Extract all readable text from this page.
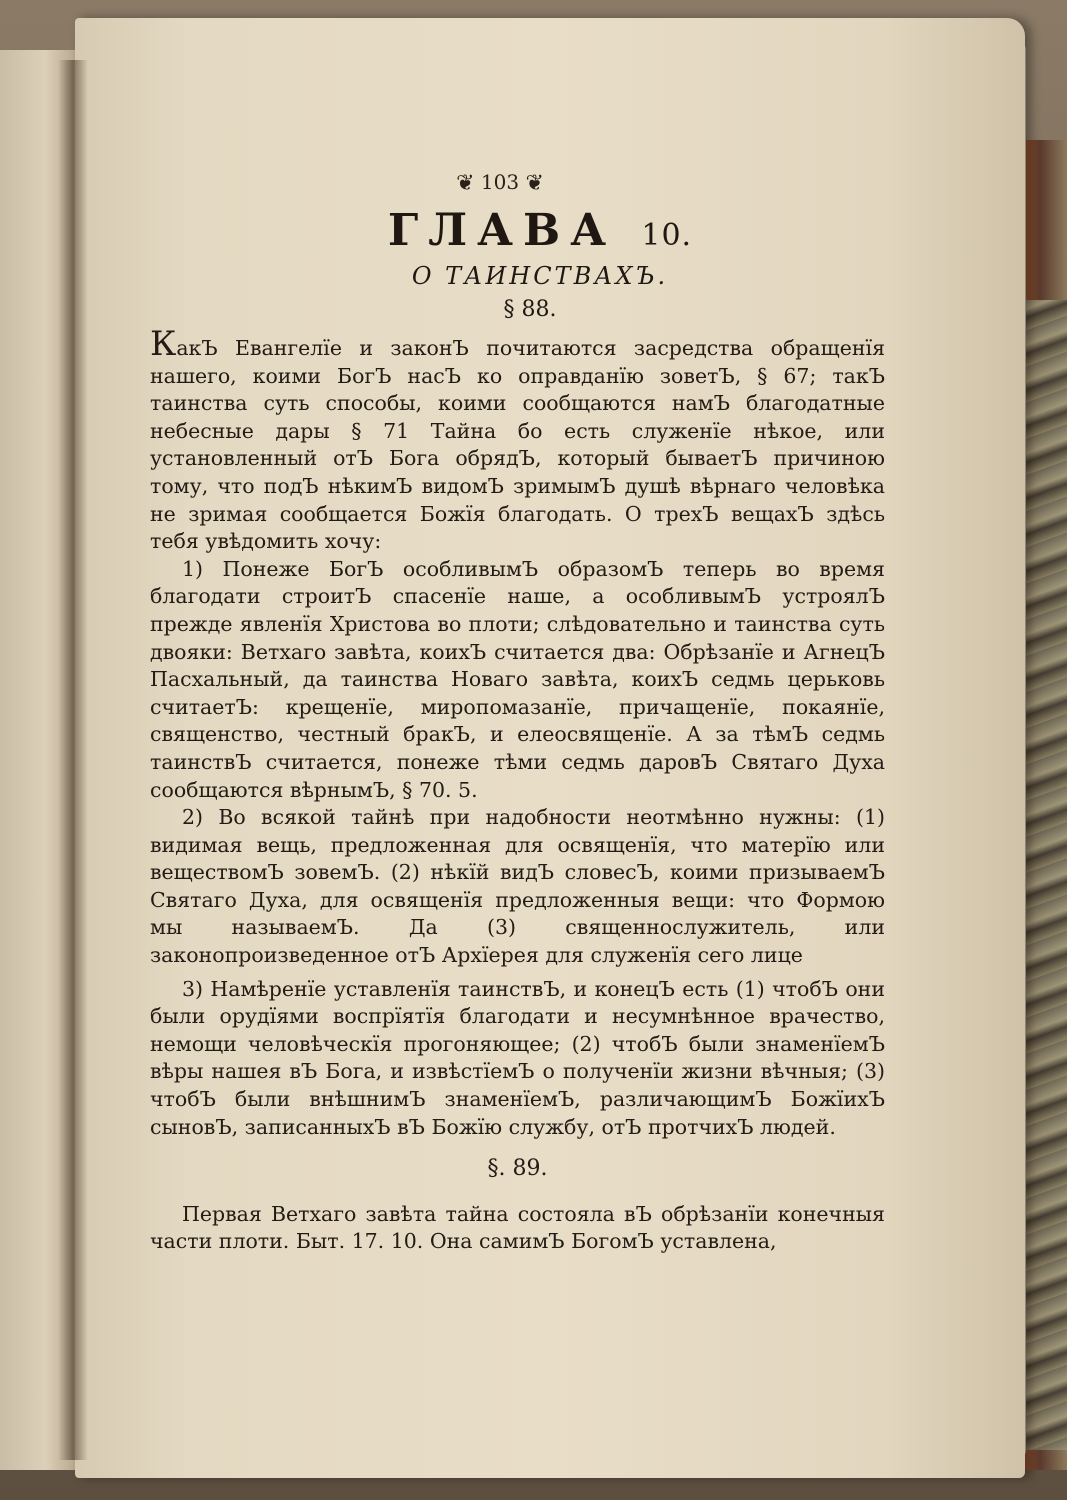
❦ 103 ❦
ГЛАВА 10.
О ТАИНСТВАХЪ.
§ 88.

КакЪ Евангелїе и законЪ почитаются засредства обращенїя нашего, коими БогЪ насЪ ко оправданїю зоветЪ, § 67; такЪ таинства суть способы, коими сообщаются намЪ благодатные небесные дары § 71 Тайна бо есть служенїе нѣкое, или установленный отЪ Бога обрядЪ, который бываетЪ причиною тому, что подЪ нѣкимЪ видомЪ зримымЪ душѣ вѣрнаго человѣка не зримая сообщается Божїя благодать. О трехЪ вещахЪ здѣсь тебя увѣдомить хочу:

1) Понеже БогЪ особливымЪ образомЪ теперь во время благодати строитЪ спасенїе наше, а особливымЪ устроялЪ прежде явленїя Христова во плоти; слѣдовательно и таинства суть двояки: Ветхаго завѣта, коихЪ считается два: Обрѣзанїе и АгнецЪ Пасхальный, да таинства Новаго завѣта, коихЪ седмь церьковь считаетЪ: крещенїе, миропомазанїе, причащенїе, покаянїе, священство, честный бракЪ, и елеосвященїе. А за тѣмЪ седмь таинствЪ считается, понеже тѣми седмь даровЪ Святаго Духа сообщаются вѣрнымЪ, § 70. 5.

2) Во всякой тайнѣ при надобности неотмѣнно нужны: (1) видимая вещь, предложенная для освященїя, что матерїю или веществомЪ зовемЪ. (2) нѣкїй видЪ словесЪ, коими призываемЪ Святаго Духа, для освященїя предложенныя вещи: что Формою мы называемЪ. Да (3) священнослужитель, или законопроизведенное отЪ Архїерея для служенїя сего лице

3) Намѣренїе уставленїя таинствЪ, и конецЪ есть (1) чтобЪ они были орудїями воспрїятїя благодати и несумнѣнное врачество, немощи человѣческїя прогоняющее; (2) чтобЪ были знаменїемЪ вѣры нашея вЪ Бога, и извѣстїемЪ о полученїи жизни вѣчныя; (3) чтобЪ были внѣшнимЪ знаменїемЪ, различающимЪ БожїихЪ сыновЪ, записанныхЪ вЪ Божїю службу, отЪ протчихЪ людей.

§. 89.

Первая Ветхаго завѣта тайна состояла вЪ обрѣзанїи конечныя части плоти. Быт. 17. 10. Она самимЪ БогомЪ уставлена,
